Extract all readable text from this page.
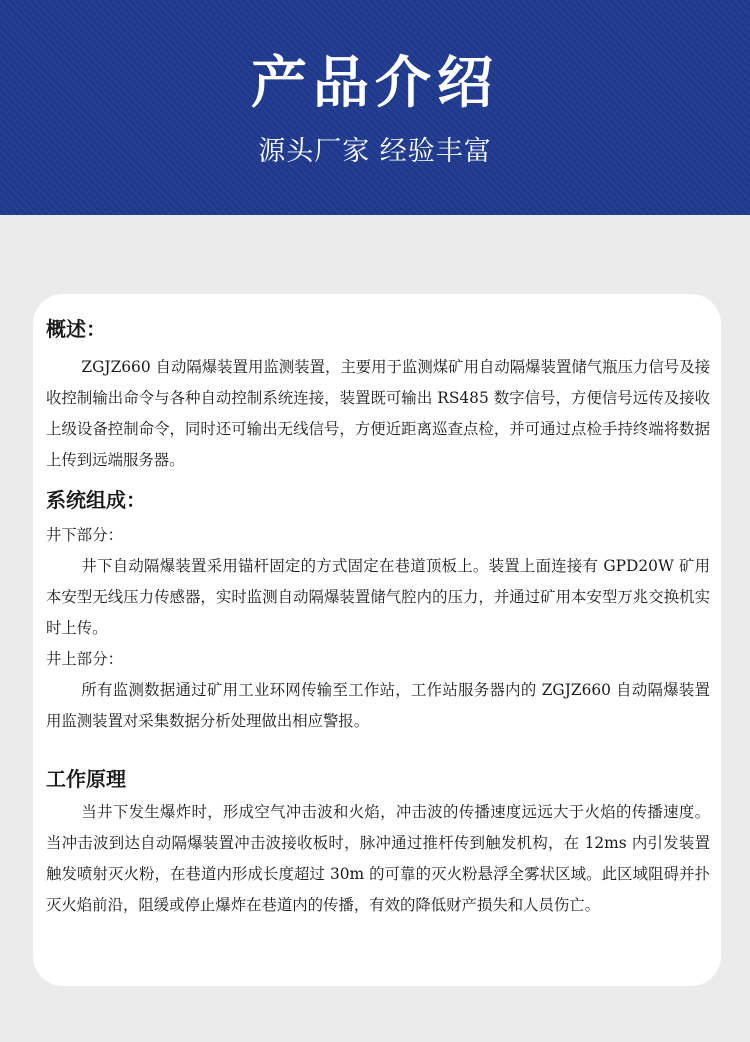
产品介绍
源头厂家 经验丰富
概述：

ZGJZ660 自动隔爆装置用监测装置，主要用于监测煤矿用自动隔爆装置储气瓶压力信号及接收控制输出命令与各种自动控制系统连接，装置既可输出 RS485 数字信号，方便信号远传及接收上级设备控制命令，同时还可输出无线信号，方便近距离巡查点检，并可通过点检手持终端将数据上传到远端服务器。

系统组成：

井下部分：

井下自动隔爆装置采用锚杆固定的方式固定在巷道顶板上。装置上面连接有 GPD20W 矿用本安型无线压力传感器，实时监测自动隔爆装置储气腔内的压力，并通过矿用本安型万兆交换机实时上传。

井上部分：

所有监测数据通过矿用工业环网传输至工作站，工作站服务器内的 ZGJZ660 自动隔爆装置用监测装置对采集数据分析处理做出相应警报。

工作原理

当井下发生爆炸时，形成空气冲击波和火焰，冲击波的传播速度远远大于火焰的传播速度。当冲击波到达自动隔爆装置冲击波接收板时，脉冲通过推杆传到触发机构，在 12ms 内引发装置触发喷射灭火粉，在巷道内形成长度超过 30m 的可靠的灭火粉悬浮全雾状区域。此区域阻碍并扑灭火焰前沿，阻缓或停止爆炸在巷道内的传播，有效的降低财产损失和人员伤亡。
